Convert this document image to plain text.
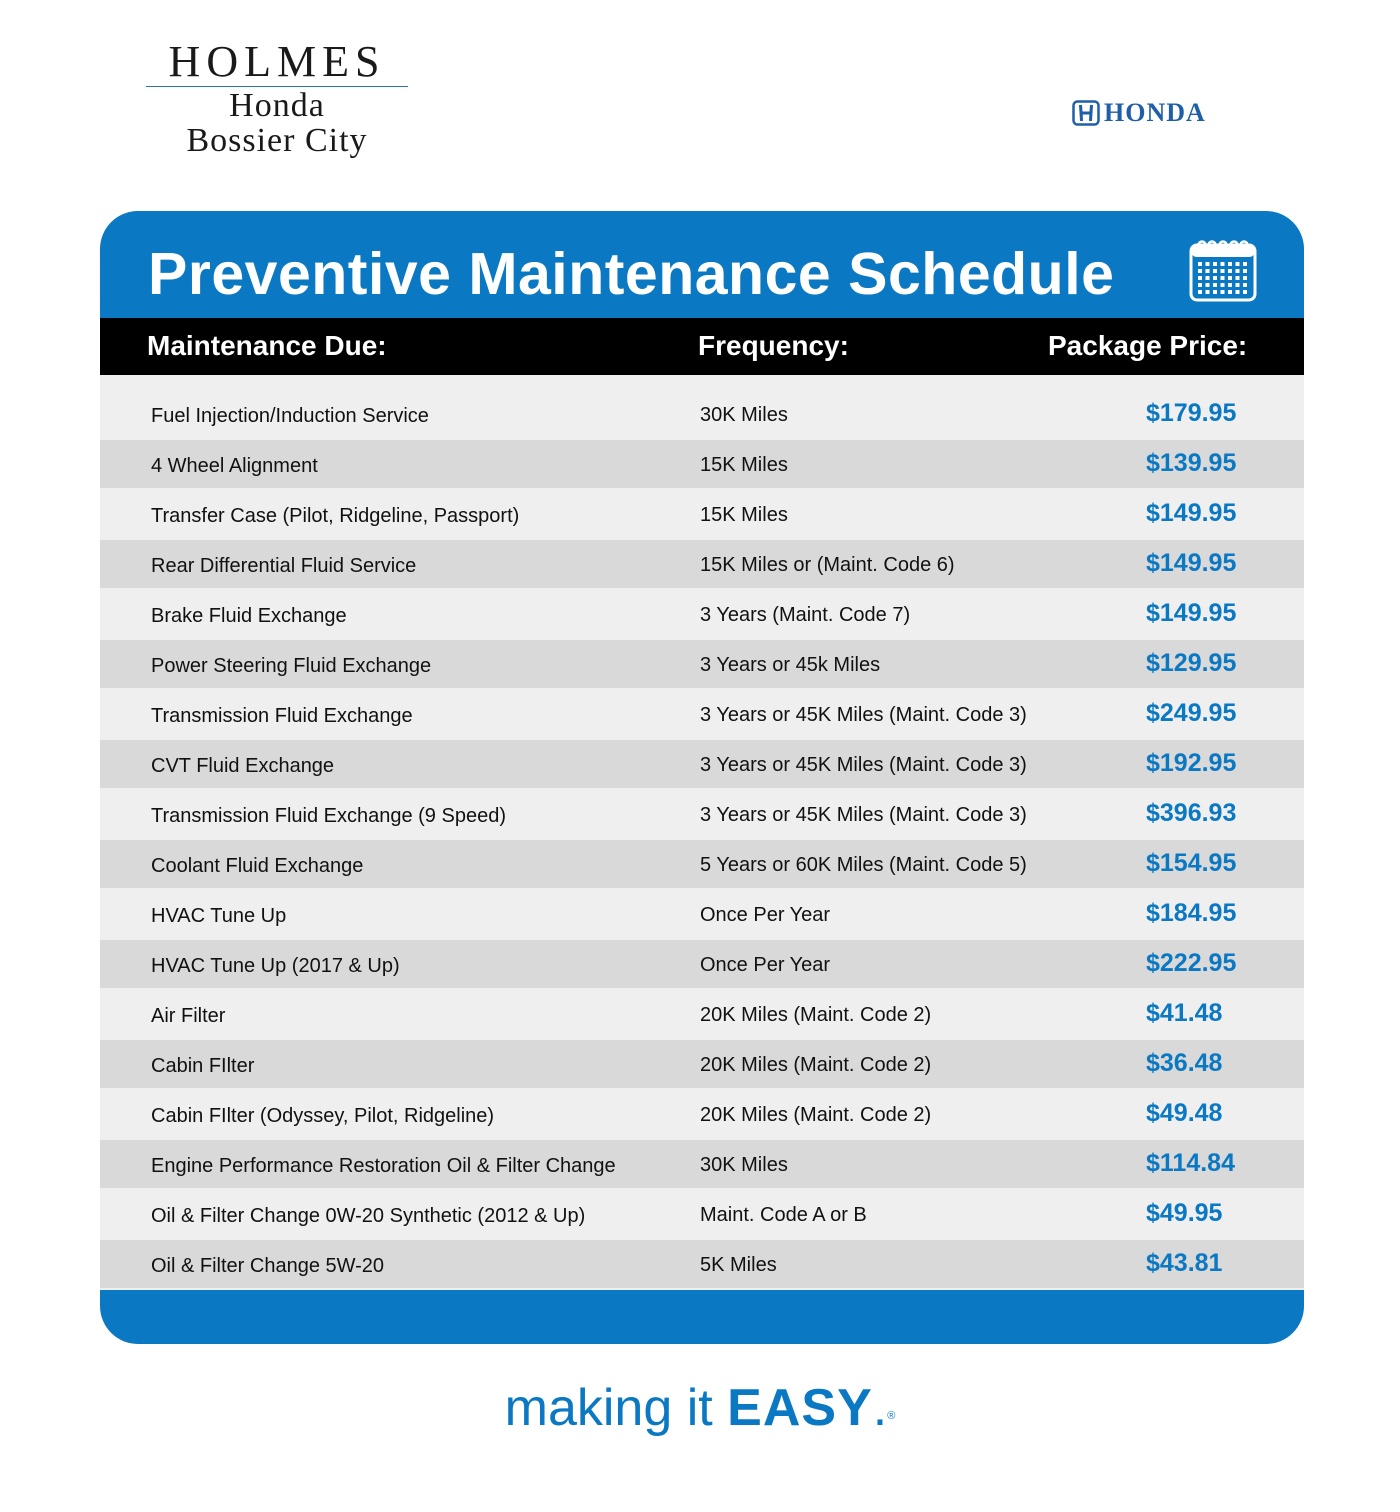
HOLMES
Honda
Bossier City
HONDA
Preventive Maintenance Schedule
Maintenance Due:	Frequency:	Package Price:
Fuel Injection/Induction Service	30K Miles	$179.95
4 Wheel Alignment	15K Miles	$139.95
Transfer Case (Pilot, Ridgeline, Passport)	15K Miles	$149.95
Rear Differential Fluid Service	15K Miles or (Maint. Code 6)	$149.95
Brake Fluid Exchange	3 Years (Maint. Code 7)	$149.95
Power Steering Fluid Exchange	3 Years or 45k Miles	$129.95
Transmission Fluid Exchange	3 Years or 45K Miles (Maint. Code 3)	$249.95
CVT Fluid Exchange	3 Years or 45K Miles (Maint. Code 3)	$192.95
Transmission Fluid Exchange (9 Speed)	3 Years or 45K Miles (Maint. Code 3)	$396.93
Coolant Fluid Exchange	5 Years or 60K Miles (Maint. Code 5)	$154.95
HVAC Tune Up	Once Per Year	$184.95
HVAC Tune Up (2017 & Up)	Once Per Year	$222.95
Air Filter	20K Miles (Maint. Code 2)	$41.48
Cabin FIlter	20K Miles (Maint. Code 2)	$36.48
Cabin FIlter (Odyssey, Pilot, Ridgeline)	20K Miles (Maint. Code 2)	$49.48
Engine Performance Restoration Oil & Filter Change	30K Miles	$114.84
Oil & Filter Change 0W-20 Synthetic (2012 & Up)	Maint. Code A or B	$49.95
Oil & Filter Change 5W-20	5K Miles	$43.81
making it EASY.®
